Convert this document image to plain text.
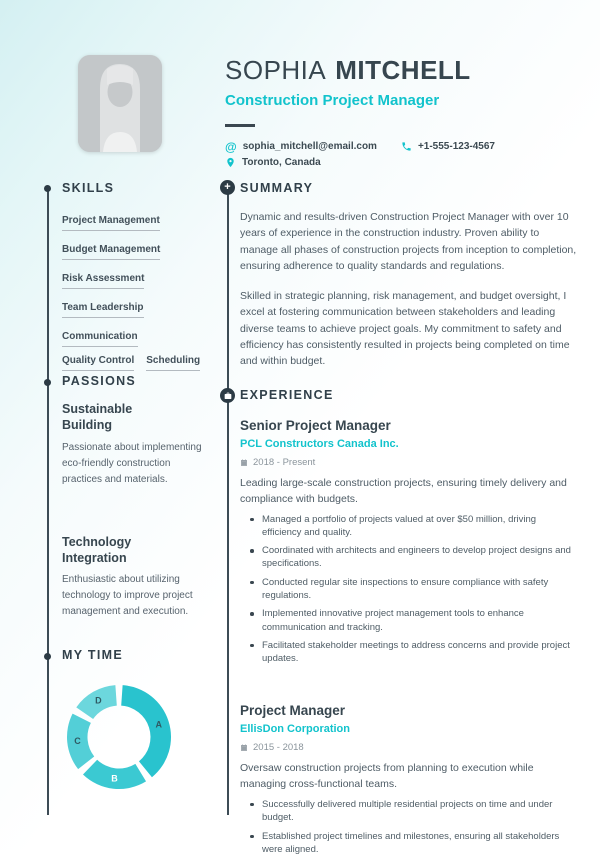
SOPHIA MITCHELL
Construction Project Manager
@ sophia_mitchell@email.com	+1-555-123-4567
Toronto, Canada
+
SKILLS
Project Management
Budget Management
Risk Assessment
Team Leadership
Communication
Quality Control Scheduling
PASSIONS
Sustainable Building
Passionate about implementing eco-friendly construction practices and materials.
Technology Integration
Enthusiastic about utilizing technology to improve project management and execution.
MY TIME
A
B
C
D
SUMMARY

Dynamic and results-driven Construction Project Manager with over 10 years of experience in the construction industry. Proven ability to manage all phases of construction projects from inception to completion, ensuring adherence to quality standards and regulations.

Skilled in strategic planning, risk management, and budget oversight, I excel at fostering communication between stakeholders and leading diverse teams to achieve project goals. My commitment to safety and efficiency has consistently resulted in projects being completed on time and within budget.

EXPERIENCE
Senior Project Manager
PCL Constructors Canada Inc.
2018 - Present
Leading large-scale construction projects, ensuring timely delivery and compliance with budgets.
Managed a portfolio of projects valued at over $50 million, driving efficiency and quality.
Coordinated with architects and engineers to develop project designs and specifications.
Conducted regular site inspections to ensure compliance with safety regulations.
Implemented innovative project management tools to enhance communication and tracking.
Facilitated stakeholder meetings to address concerns and provide project updates.
Project Manager
EllisDon Corporation
2015 - 2018
Oversaw construction projects from planning to execution while managing cross-functional teams.
Successfully delivered multiple residential projects on time and under budget.
Established project timelines and milestones, ensuring all stakeholders were aligned.
